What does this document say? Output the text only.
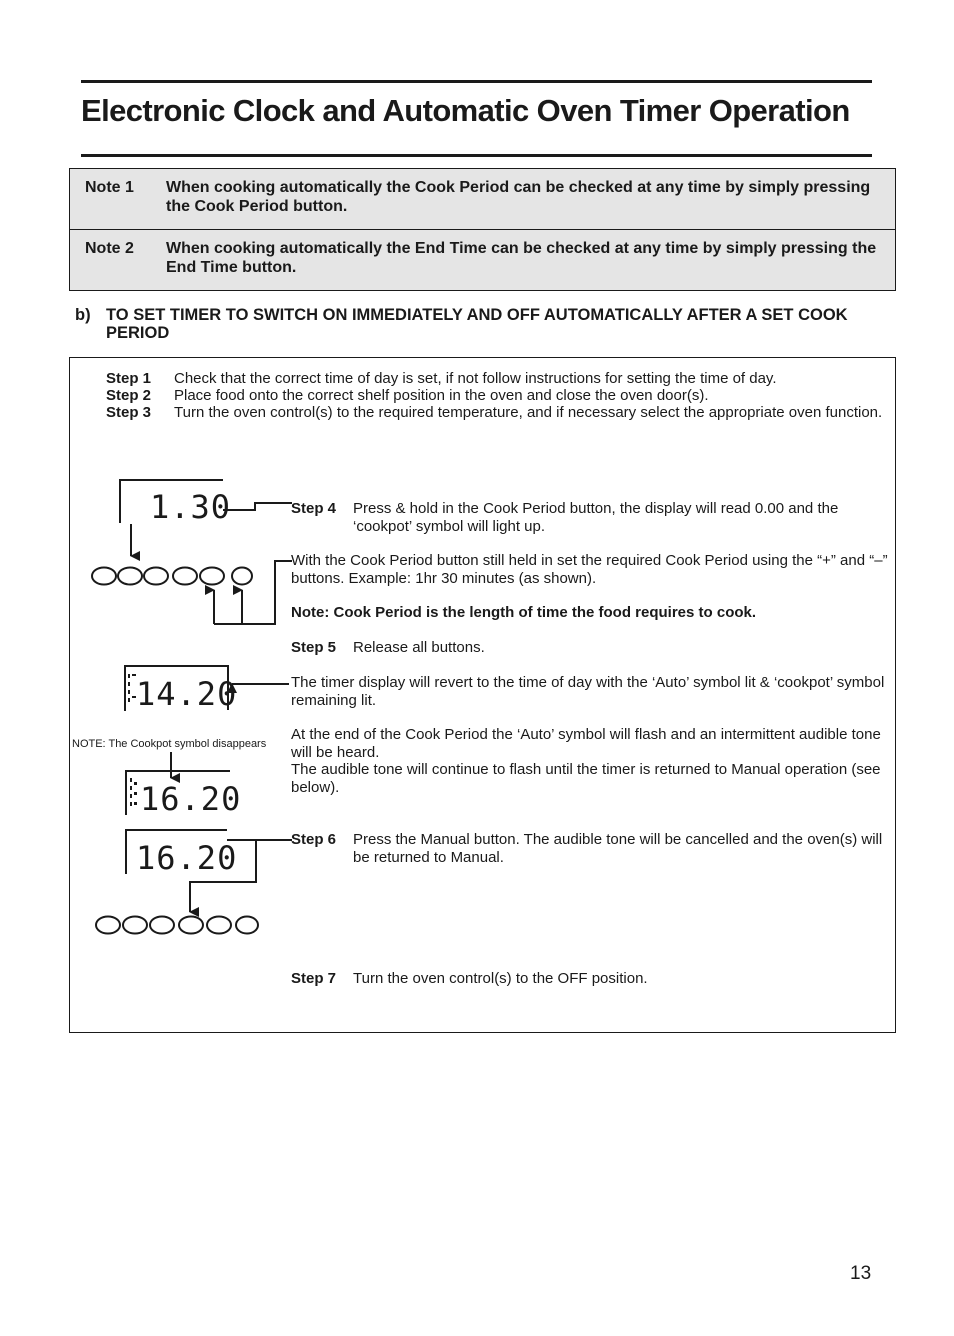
Electronic Clock and Automatic Oven Timer Operation
Note 1 When cooking automatically the Cook Period can be checked at any time by simply pressing the Cook Period button.
Note 2 When cooking automatically the End Time can be checked at any time by simply pressing the End Time button.
b) TO SET TIMER TO SWITCH ON IMMEDIATELY AND OFF AUTOMATICALLY AFTER A SET COOK PERIOD
Step 1 Check that the correct time of day is set, if not follow instructions for setting the time of day.
Step 2 Place food onto the correct shelf position in the oven and close the oven door(s).
Step 3 Turn the oven control(s) to the required temperature, and if necessary select the appropriate oven function.
Step 4 Press & hold in the Cook Period button, the display will read 0.00 and the ‘cookpot’ symbol will light up.
With the Cook Period button still held in set the required Cook Period using the “+” and “–” buttons. Example: 1hr 30 minutes (as shown).
Note: Cook Period is the length of time the food requires to cook.
Step 5 Release all buttons.
The timer display will revert to the time of day with the ‘Auto’ symbol lit & ‘cookpot’ symbol remaining lit.
At the end of the Cook Period the ‘Auto’ symbol will flash and an intermittent audible tone will be heard.
The audible tone will continue to flash until the timer is returned to Manual operation (see below).
Step 6 Press the Manual button. The audible tone will be cancelled and the oven(s) will be returned to Manual.
Step 7 Turn the oven control(s) to the OFF position.
NOTE: The Cookpot symbol disappears
1.30
14.20
16.20
16.20
13
